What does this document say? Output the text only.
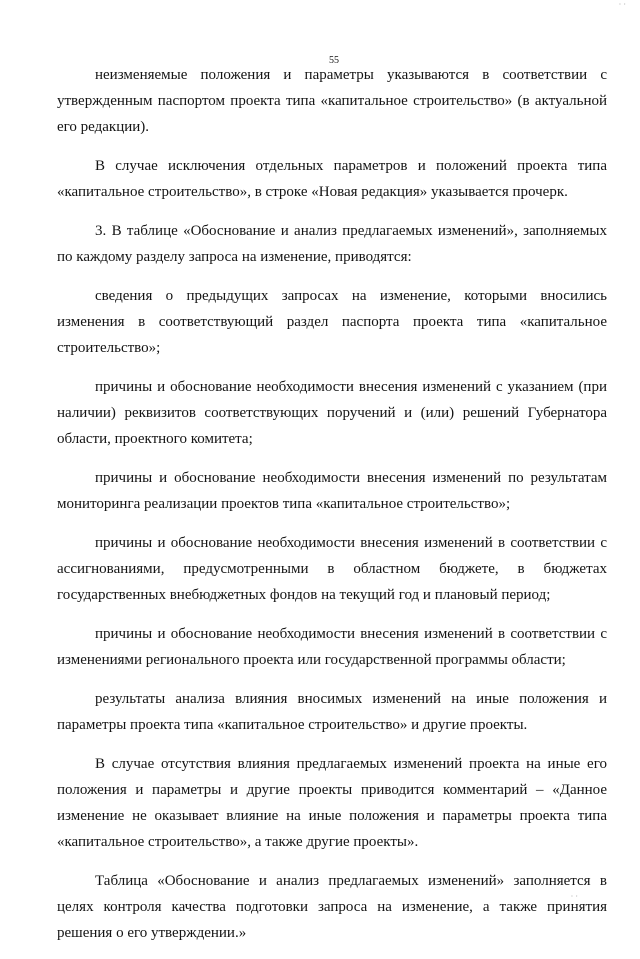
55

неизменяемые положения и параметры указываются в соответствии с утвержденным паспортом проекта типа «капитальное строительство» (в актуальной его редакции).

В случае исключения отдельных параметров и положений проекта типа «капитальное строительство», в строке «Новая редакция» указывается прочерк.

3. В таблице «Обоснование и анализ предлагаемых изменений», заполняемых по каждому разделу запроса на изменение, приводятся:

сведения о предыдущих запросах на изменение, которыми вносились изменения в соответствующий раздел паспорта проекта типа «капитальное строительство»;

причины и обоснование необходимости внесения изменений с указанием (при наличии) реквизитов соответствующих поручений и (или) решений Губернатора области, проектного комитета;

причины и обоснование необходимости внесения изменений по результатам мониторинга реализации проектов типа «капитальное строительство»;

причины и обоснование необходимости внесения изменений в соответствии с ассигнованиями, предусмотренными в областном бюджете, в бюджетах государственных внебюджетных фондов на текущий год и плановый период;

причины и обоснование необходимости внесения изменений в соответствии с изменениями регионального проекта или государственной программы области;

результаты анализа влияния вносимых изменений на иные положения и параметры проекта типа «капитальное строительство» и другие проекты.

В случае отсутствия влияния предлагаемых изменений проекта на иные его положения и параметры и другие проекты приводится комментарий – «Данное изменение не оказывает влияние на иные положения и параметры проекта типа «капитальное строительство», а также другие проекты».

Таблица «Обоснование и анализ предлагаемых изменений» заполняется в целях контроля качества подготовки запроса на изменение, а также принятия решения о его утверждении.»

· ·
· ·
